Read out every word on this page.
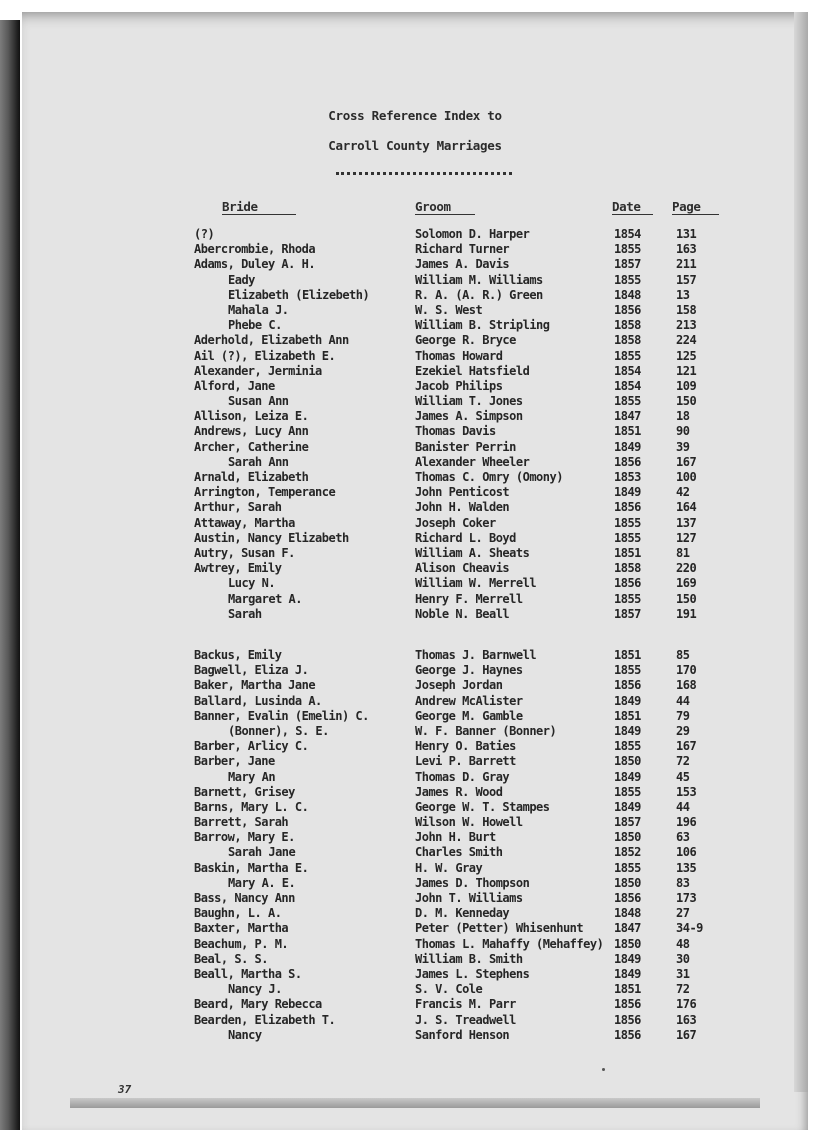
Cross Reference Index to
Carroll County Marriages
Bride	Groom	Date	Page
(?)	Solomon D. Harper	1854	131
Abercrombie, Rhoda	Richard Turner	1855	163
Adams, Duley A. H.	James A. Davis	1857	211
Eady	William M. Williams	1855	157
Elizabeth (Elizebeth)	R. A. (A. R.) Green	1848	13
Mahala J.	W. S. West	1856	158
Phebe C.	William B. Stripling	1858	213
Aderhold, Elizabeth Ann	George R. Bryce	1858	224
Ail (?), Elizabeth E.	Thomas Howard	1855	125
Alexander, Jerminia	Ezekiel Hatsfield	1854	121
Alford, Jane	Jacob Philips	1854	109
Susan Ann	William T. Jones	1855	150
Allison, Leiza E.	James A. Simpson	1847	18
Andrews, Lucy Ann	Thomas Davis	1851	90
Archer, Catherine	Banister Perrin	1849	39
Sarah Ann	Alexander Wheeler	1856	167
Arnald, Elizabeth	Thomas C. Omry (Omony)	1853	100
Arrington, Temperance	John Penticost	1849	42
Arthur, Sarah	John H. Walden	1856	164
Attaway, Martha	Joseph Coker	1855	137
Austin, Nancy Elizabeth	Richard L. Boyd	1855	127
Autry, Susan F.	William A. Sheats	1851	81
Awtrey, Emily	Alison Cheavis	1858	220
Lucy N.	William W. Merrell	1856	169
Margaret A.	Henry F. Merrell	1855	150
Sarah	Noble N. Beall	1857	191
Backus, Emily	Thomas J. Barnwell	1851	85
Bagwell, Eliza J.	George J. Haynes	1855	170
Baker, Martha Jane	Joseph Jordan	1856	168
Ballard, Lusinda A.	Andrew McAlister	1849	44
Banner, Evalin (Emelin) C.	George M. Gamble	1851	79
(Bonner), S. E.	W. F. Banner (Bonner)	1849	29
Barber, Arlicy C.	Henry O. Baties	1855	167
Barber, Jane	Levi P. Barrett	1850	72
Mary An	Thomas D. Gray	1849	45
Barnett, Grisey	James R. Wood	1855	153
Barns, Mary L. C.	George W. T. Stampes	1849	44
Barrett, Sarah	Wilson W. Howell	1857	196
Barrow, Mary E.	John H. Burt	1850	63
Sarah Jane	Charles Smith	1852	106
Baskin, Martha E.	H. W. Gray	1855	135
Mary A. E.	James D. Thompson	1850	83
Bass, Nancy Ann	John T. Williams	1856	173
Baughn, L. A.	D. M. Kenneday	1848	27
Baxter, Martha	Peter (Petter) Whisenhunt	1847	34-9
Beachum, P. M.	Thomas L. Mahaffy (Mehaffey) 1850	48
Beal, S. S.	William B. Smith	1849	30
Beall, Martha S.	James L. Stephens	1849	31
Nancy J.	S. V. Cole	1851	72
Beard, Mary Rebecca	Francis M. Parr	1856	176
Bearden, Elizabeth T.	J. S. Treadwell	1856	163
Nancy	Sanford Henson	1856	167
37
